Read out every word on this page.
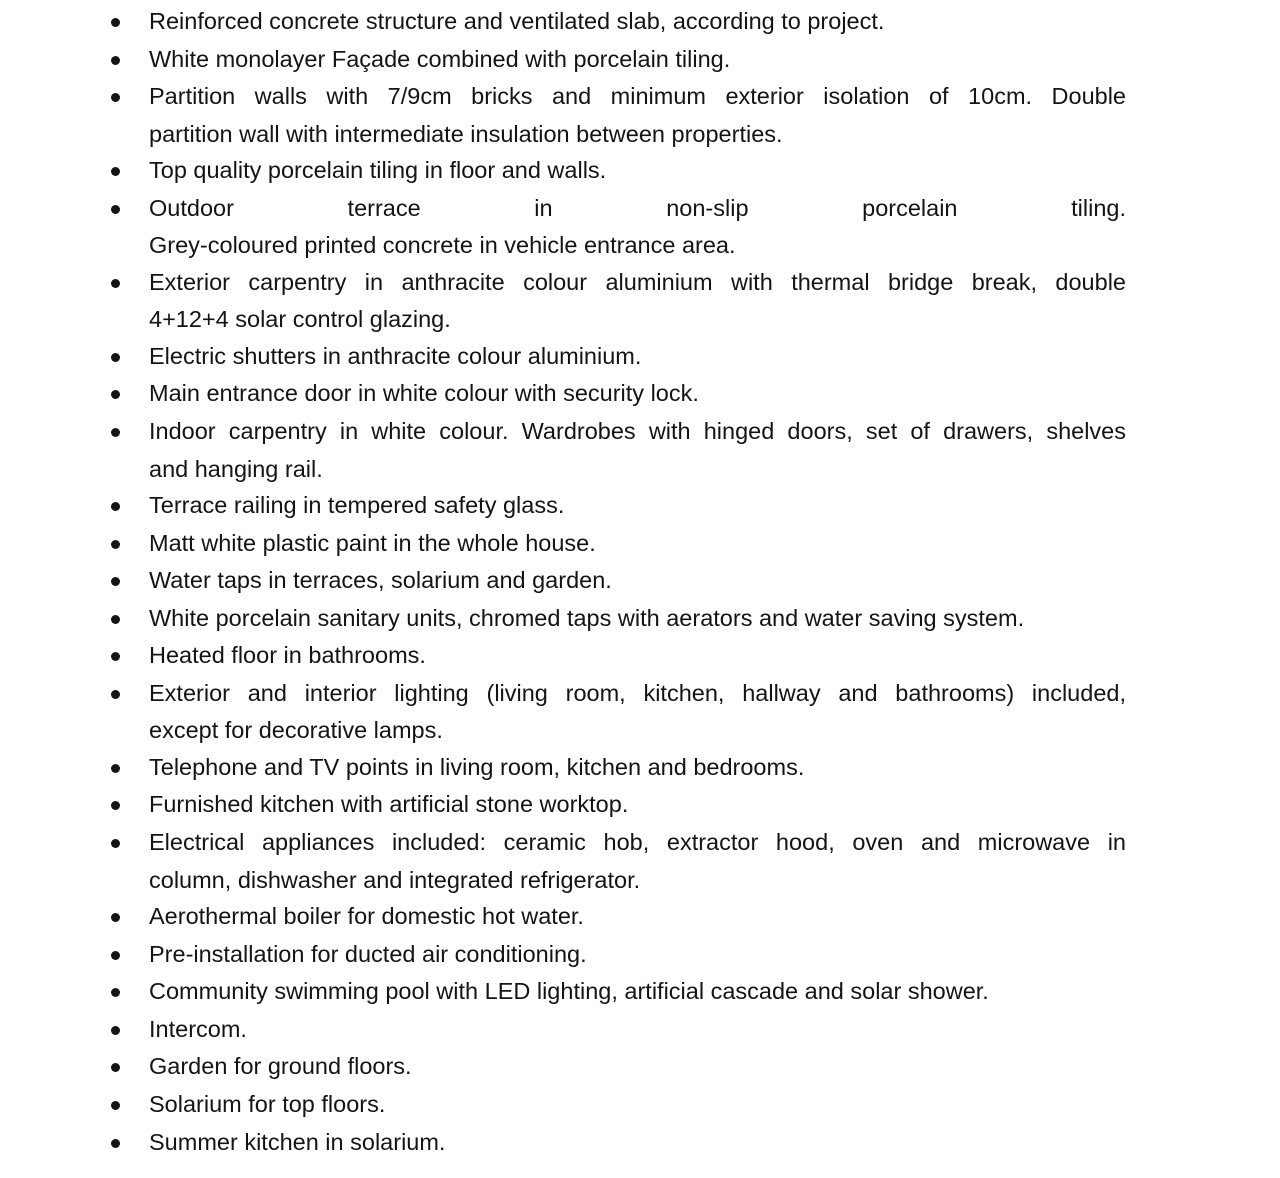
Reinforced concrete structure and ventilated slab, according to project.
White monolayer Façade combined with porcelain tiling.
Partition walls with 7/9cm bricks and minimum exterior isolation of 10cm. Double
partition wall with intermediate insulation between properties.
Top quality porcelain tiling in floor and walls.
Outdoor terrace in non-slip porcelain tiling.
Grey-coloured printed concrete in vehicle entrance area.
Exterior carpentry in anthracite colour aluminium with thermal bridge break, double
4+12+4 solar control glazing.
Electric shutters in anthracite colour aluminium.
Main entrance door in white colour with security lock.
Indoor carpentry in white colour. Wardrobes with hinged doors, set of drawers, shelves
and hanging rail.
Terrace railing in tempered safety glass.
Matt white plastic paint in the whole house.
Water taps in terraces, solarium and garden.
White porcelain sanitary units, chromed taps with aerators and water saving system.
Heated floor in bathrooms.
Exterior and interior lighting (living room, kitchen, hallway and bathrooms) included,
except for decorative lamps.
Telephone and TV points in living room, kitchen and bedrooms.
Furnished kitchen with artificial stone worktop.
Electrical appliances included: ceramic hob, extractor hood, oven and microwave in
column, dishwasher and integrated refrigerator.
Aerothermal boiler for domestic hot water.
Pre-installation for ducted air conditioning.
Community swimming pool with LED lighting, artificial cascade and solar shower.
Intercom.
Garden for ground floors.
Solarium for top floors.
Summer kitchen in solarium.
